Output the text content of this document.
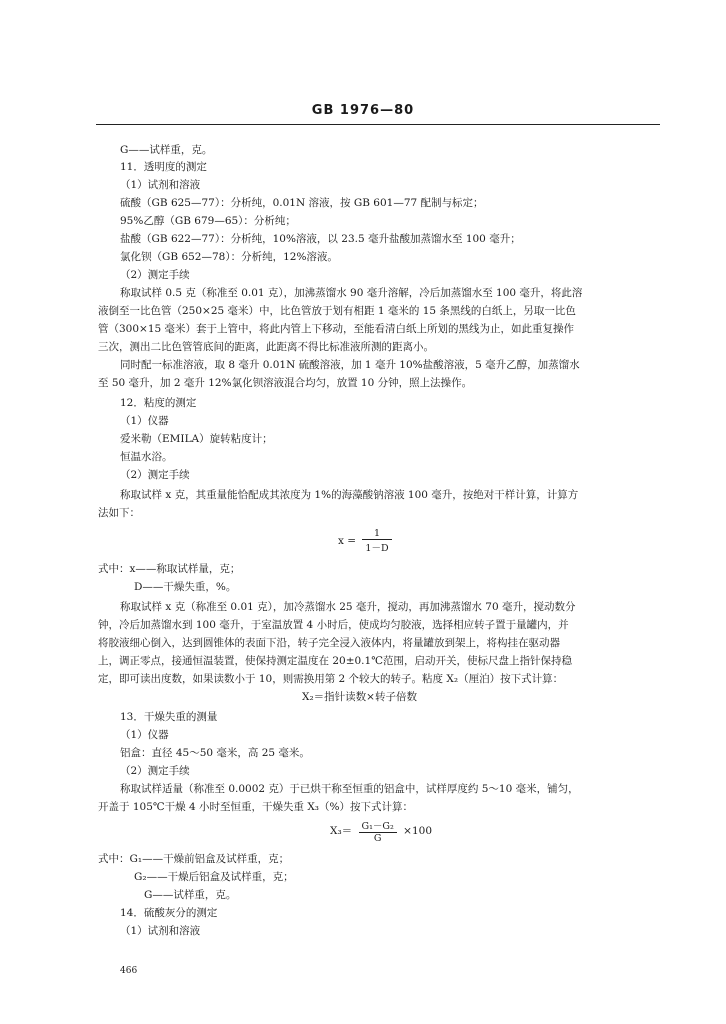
GB 1976—80
G——试样重，克。
11．透明度的测定
（1）试剂和溶液
硫酸（GB 625—77）：分析纯，0.01N 溶液，按 GB 601—77 配制与标定；
95%乙醇（GB 679—65）：分析纯；
盐酸（GB 622—77）：分析纯，10%溶液，以 23.5 毫升盐酸加蒸馏水至 100 毫升；
氯化钡（GB 652—78）：分析纯，12%溶液。
（2）测定手续
称取试样 0.5 克（称准至 0.01 克），加沸蒸馏水 90 毫升溶解，冷后加蒸馏水至 100 毫升，将此溶
液倒至一比色管（250×25 毫米）中，比色管放于划有相距 1 毫米的 15 条黑线的白纸上，另取一比色
管（300×15 毫米）套于上管中，将此内管上下移动，至能看清白纸上所划的黑线为止，如此重复操作
三次，测出二比色管管底间的距离，此距离不得比标准液所测的距离小。
同时配一标准溶液，取 8 毫升 0.01N 硫酸溶液，加 1 毫升 10%盐酸溶液，5 毫升乙醇，加蒸馏水
至 50 毫升，加 2 毫升 12%氯化钡溶液混合均匀，放置 10 分钟，照上法操作。
12．粘度的测定
（1）仪器
爱米勒（EMILA）旋转粘度计；
恒温水浴。
（2）测定手续
称取试样 x 克，其重量能恰配成其浓度为 1%的海藻酸钠溶液 100 毫升，按绝对干样计算，计算方
法如下：
$x = \frac{1}{1-D}$
式中：x——称取试样量，克；
D——干燥失重，%。
称取试样 x 克（称准至 0.01 克），加冷蒸馏水 25 毫升，搅动，再加沸蒸馏水 70 毫升，搅动数分
钟，冷后加蒸馏水到 100 毫升，于室温放置 4 小时后，使成均匀胶液，选择相应转子置于量罐内，并
将胶液细心倒入，达到圆锥体的表面下沿，转子完全浸入液体内，将量罐放到架上，将构挂在驱动器
上，调正零点，接通恒温装置，使保持测定温度在 20±0.1℃范围，启动开关，使标尺盘上指针保持稳
定，即可读出度数，如果读数小于 10，则需换用第 2 个较大的转子。粘度 X₂（厘泊）按下式计算：
X₂＝指针读数×转子倍数
13．干燥失重的测量
（1）仪器
铝盒：直径 45～50 毫米，高 25 毫米。
（2）测定手续
称取试样适量（称准至 0.0002 克）于已烘干称至恒重的铝盒中，试样厚度约 5～10 毫米，铺匀，
开盖于 105℃干燥 4 小时至恒重，干燥失重 X₃（%）按下式计算：
$X_3= \frac{\text{G₁－G₂}}{G} \times 100$
式中：G₁——干燥前铝盒及试样重，克；
G₂——干燥后铝盒及试样重，克；
G——试样重，克。
14．硫酸灰分的测定
（1）试剂和溶液
466
